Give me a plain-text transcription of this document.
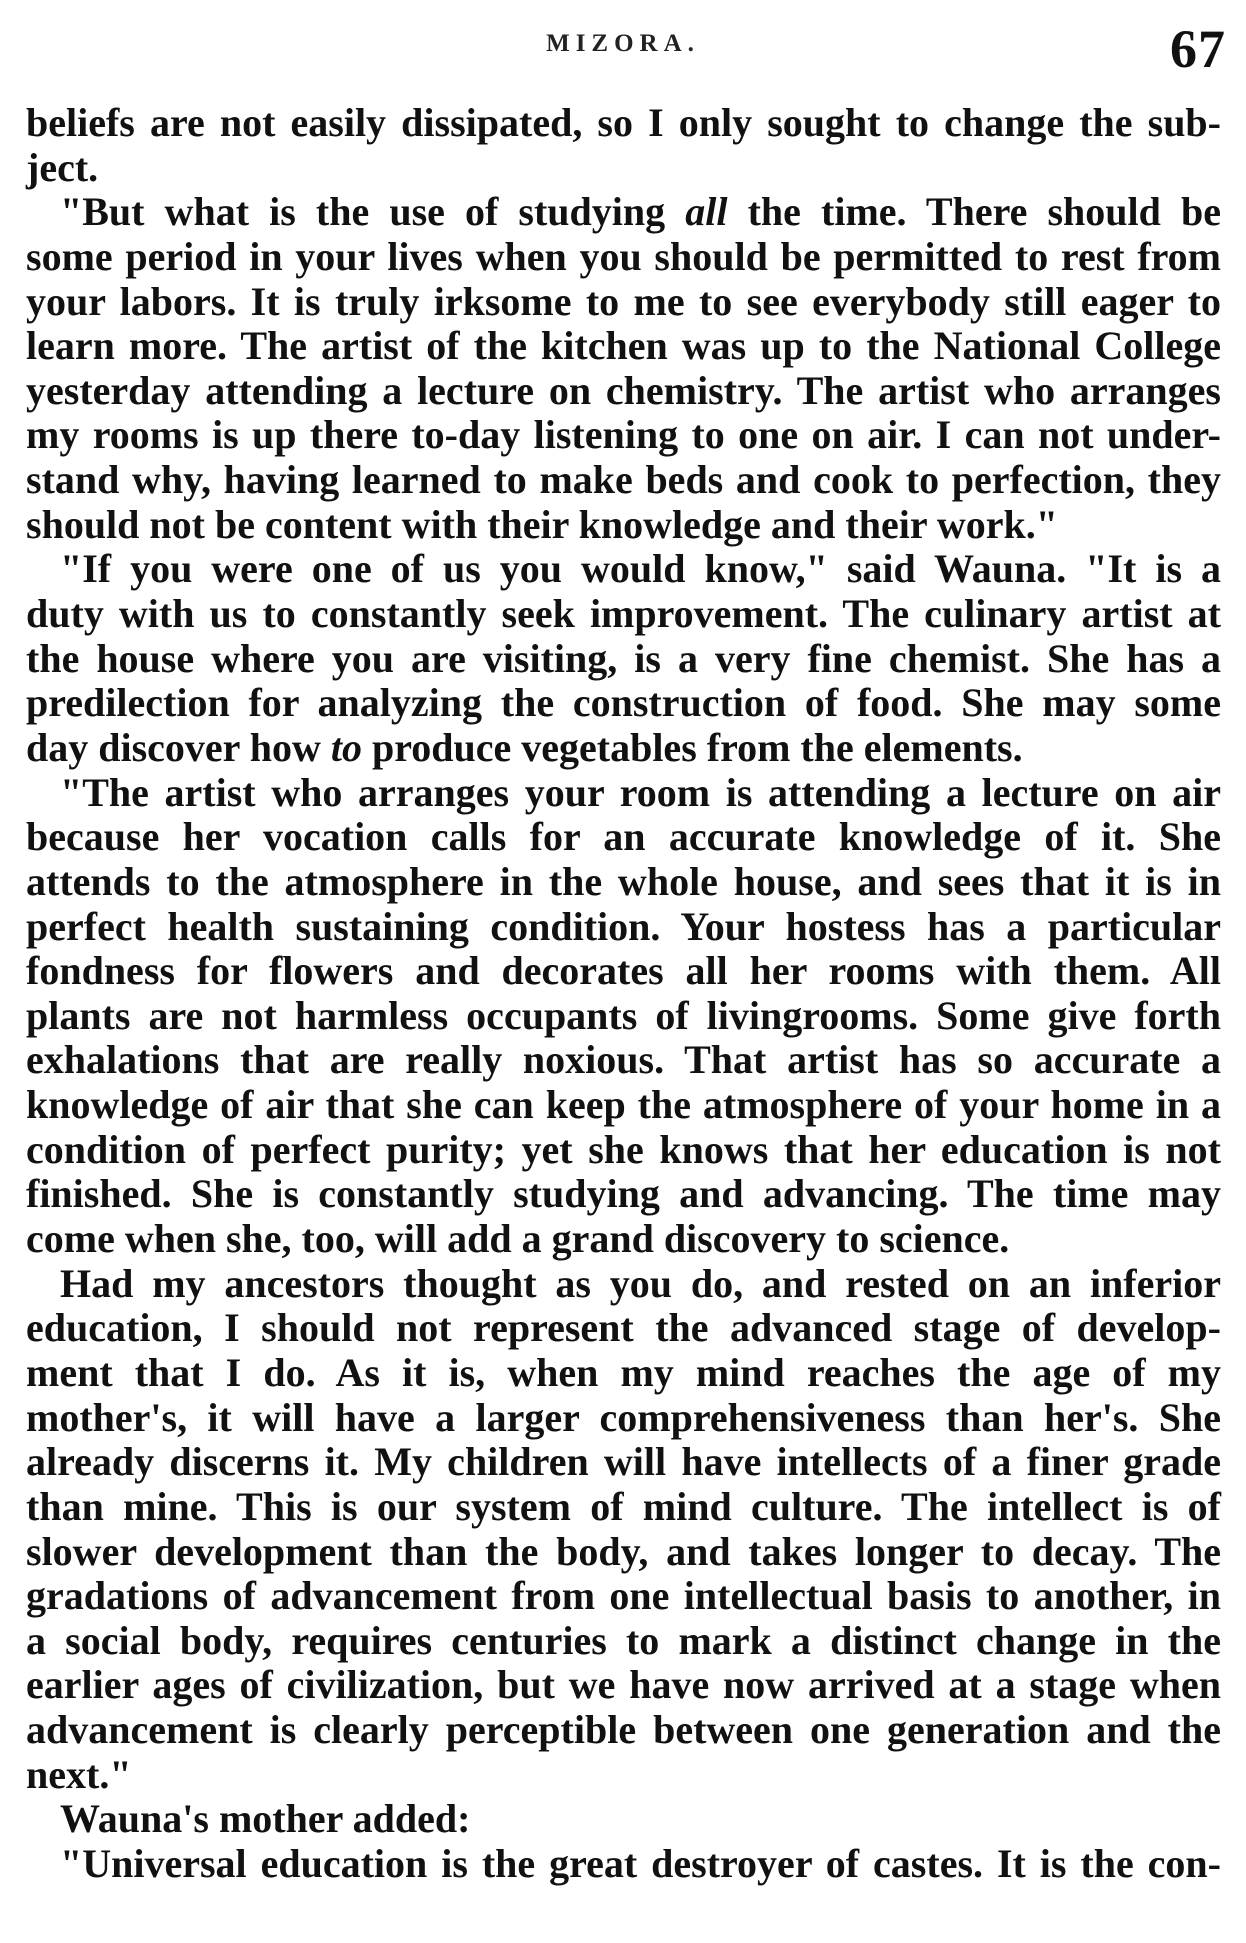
MIZORA.	67
beliefs are not easily dissipated, so I only sought to change the sub-
ject.
"But what is the use of studying all the time. There should be
some period in your lives when you should be permitted to rest from
your labors. It is truly irksome to me to see everybody still eager to
learn more. The artist of the kitchen was up to the National College
yesterday attending a lecture on chemistry. The artist who arranges
my rooms is up there to-day listening to one on air. I can not under-
stand why, having learned to make beds and cook to perfection, they
should not be content with their knowledge and their work."
"If you were one of us you would know," said Wauna. "It is a
duty with us to constantly seek improvement. The culinary artist at
the house where you are visiting, is a very fine chemist. She has a
predilection for analyzing the construction of food. She may some
day discover how to produce vegetables from the elements.
"The artist who arranges your room is attending a lecture on air
because her vocation calls for an accurate knowledge of it. She
attends to the atmosphere in the whole house, and sees that it is in
perfect health sustaining condition. Your hostess has a particular
fondness for flowers and decorates all her rooms with them. All
plants are not harmless occupants of livingrooms. Some give forth
exhalations that are really noxious. That artist has so accurate a
knowledge of air that she can keep the atmosphere of your home in a
condition of perfect purity; yet she knows that her education is not
finished. She is constantly studying and advancing. The time may
come when she, too, will add a grand discovery to science.
Had my ancestors thought as you do, and rested on an inferior
education, I should not represent the advanced stage of develop-
ment that I do. As it is, when my mind reaches the age of my
mother's, it will have a larger comprehensiveness than her's. She
already discerns it. My children will have intellects of a finer grade
than mine. This is our system of mind culture. The intellect is of
slower development than the body, and takes longer to decay. The
gradations of advancement from one intellectual basis to another, in
a social body, requires centuries to mark a distinct change in the
earlier ages of civilization, but we have now arrived at a stage when
advancement is clearly perceptible between one generation and the
next."
Wauna's mother added:
"Universal education is the great destroyer of castes. It is the con-
